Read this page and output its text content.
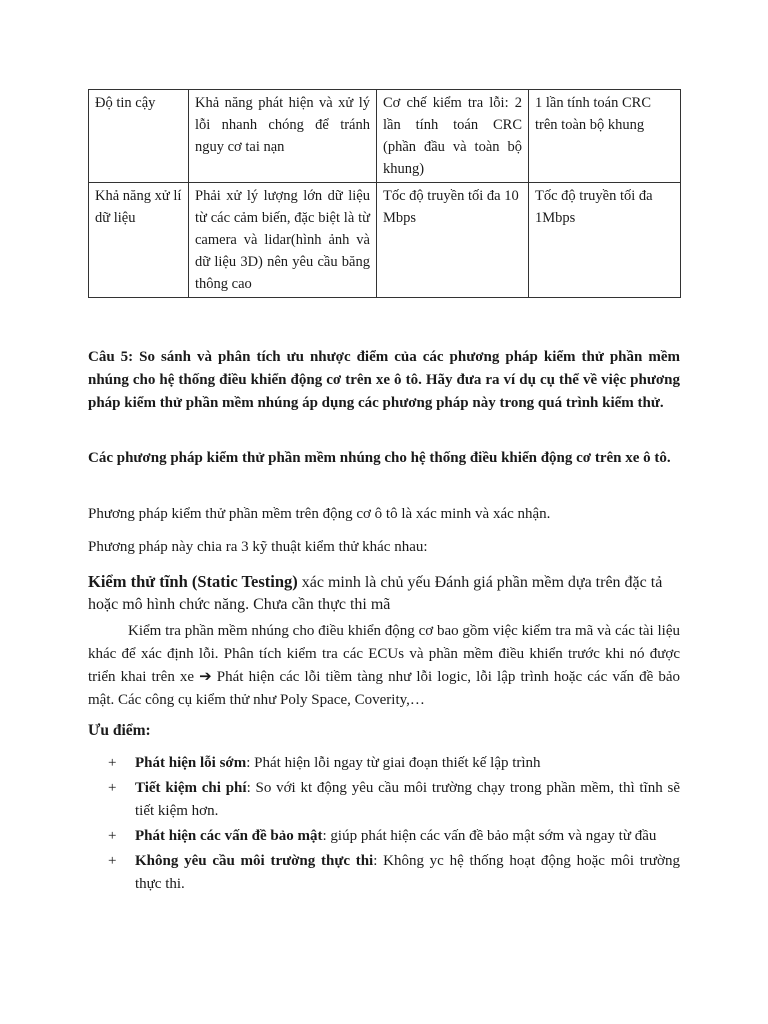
Độ tin cậy	Khả năng phát hiện và xử lý lỗi nhanh chóng để tránh nguy cơ tai nạn	Cơ chế kiểm tra lỗi: 2 lần tính toán CRC (phần đầu và toàn bộ khung)	1 lần tính toán CRC trên toàn bộ khung
Khả năng xử lí dữ liệu	Phải xử lý lượng lớn dữ liệu từ các cảm biến, đặc biệt là từ camera và lidar(hình ảnh và dữ liệu 3D) nên yêu cầu băng thông cao	Tốc độ truyền tối đa 10 Mbps	Tốc độ truyền tối đa 1Mbps
Câu 5: So sánh và phân tích ưu nhược điểm của các phương pháp kiểm thử phần mềm nhúng cho hệ thống điều khiển động cơ trên xe ô tô. Hãy đưa ra ví dụ cụ thể về việc phương pháp kiểm thử phần mềm nhúng áp dụng các phương pháp này trong quá trình kiểm thử.
Các phương pháp kiểm thử phần mềm nhúng cho hệ thống điều khiển động cơ trên xe ô tô.
Phương pháp kiểm thử phần mềm trên động cơ ô tô là xác minh và xác nhận.
Phương pháp này chia ra 3 kỹ thuật kiểm thử khác nhau:
Kiểm thử tĩnh (Static Testing) xác minh là chủ yếu Đánh giá phần mềm dựa trên đặc tả hoặc mô hình chức năng. Chưa cần thực thi mã
Kiểm tra phần mềm nhúng cho điều khiển động cơ bao gồm việc kiểm tra mã và các tài liệu khác để xác định lỗi. Phân tích kiểm tra các ECUs và phần mềm điều khiển trước khi nó được triển khai trên xe ➔ Phát hiện các lỗi tiềm tàng như lỗi logic, lỗi lập trình hoặc các vấn đề bảo mật. Các công cụ kiểm thử như Poly Space, Coverity,…
Ưu điểm:
+ Phát hiện lỗi sớm: Phát hiện lỗi ngay từ giai đoạn thiết kế lập trình
+ Tiết kiệm chi phí: So với kt động yêu cầu môi trường chạy trong phần mềm, thì tĩnh sẽ tiết kiệm hơn.
+ Phát hiện các vấn đề bảo mật: giúp phát hiện các vấn đề bảo mật sớm và ngay từ đầu
+ Không yêu cầu môi trường thực thi: Không yc hệ thống hoạt động hoặc môi trường thực thi.
